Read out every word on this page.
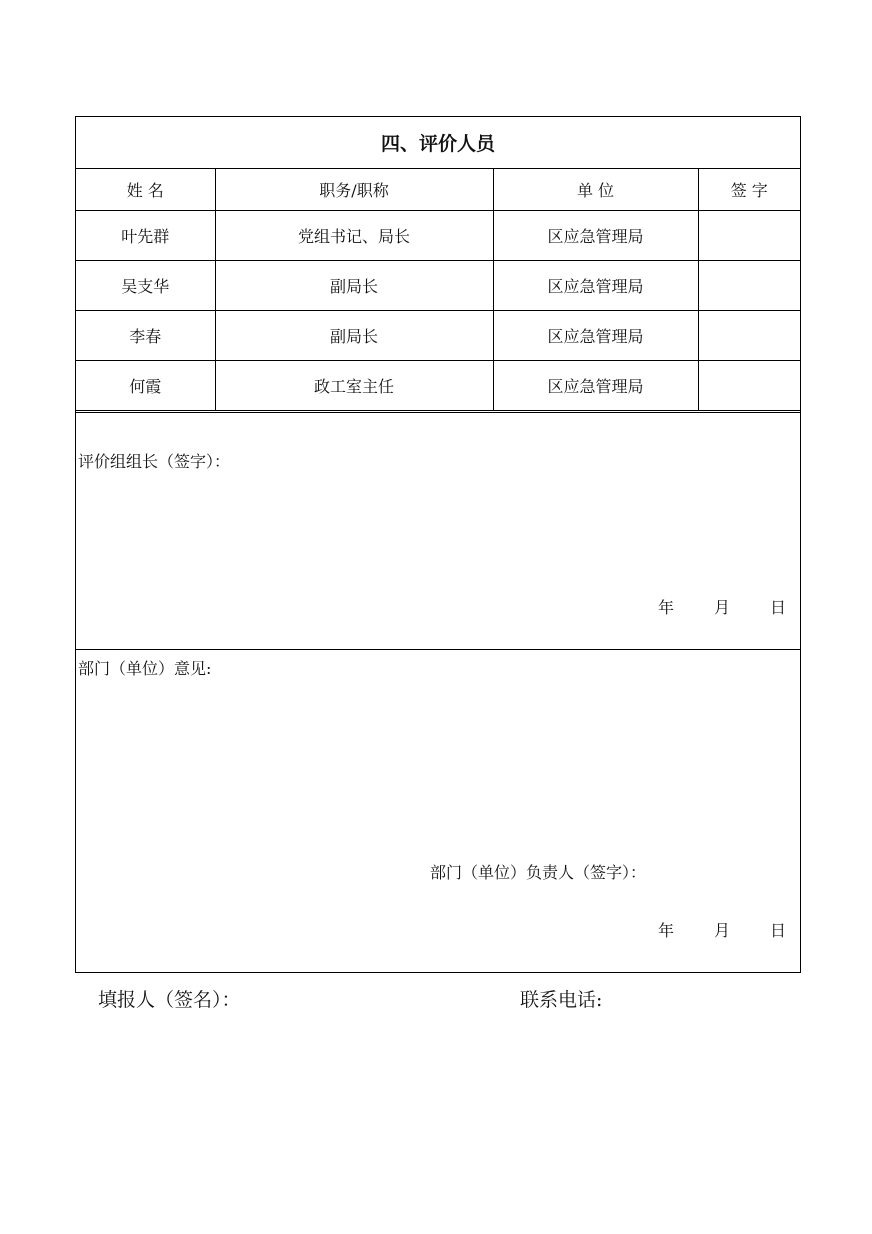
四、评价人员
姓 名	职务/职称	单 位	签 字
叶先群	党组书记、局长	区应急管理局	
吴支华	副局长	区应急管理局	
李春	副局长	区应急管理局	
何霞	政工室主任	区应急管理局	
评价组组长（签字）：
年	月	日
部门（单位）意见:
部门（单位）负责人（签字）：
年	月	日
填报人（签名）：	联系电话:
